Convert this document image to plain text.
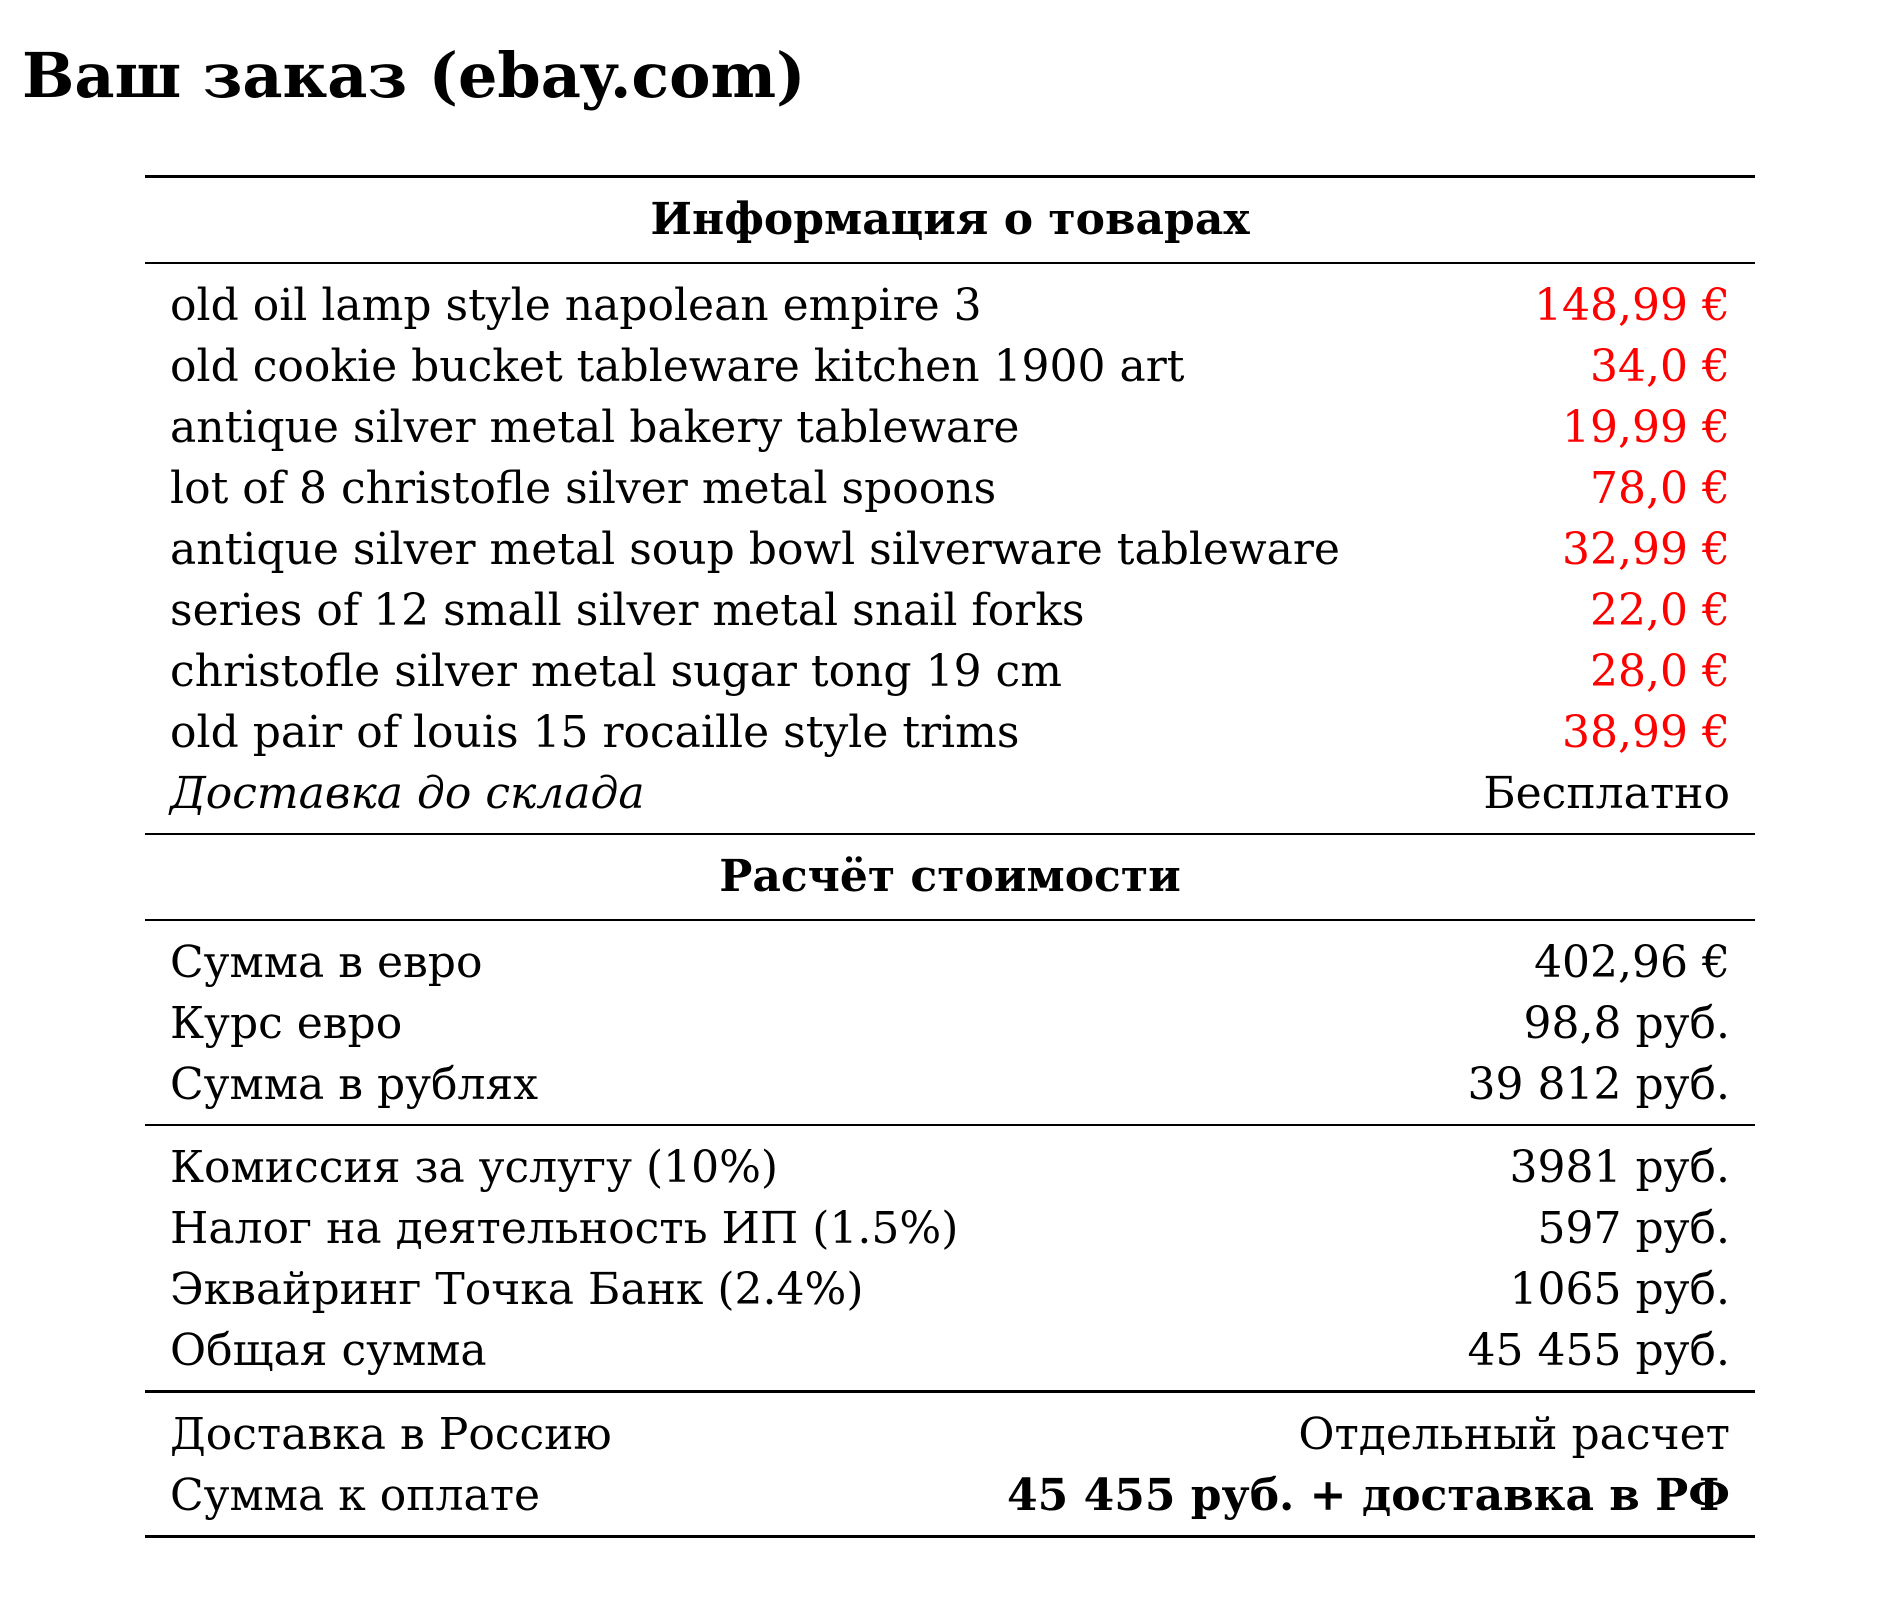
Ваш заказ (ebay.com)
Информация о товарах
old oil lamp style napolean empire 3	148,99 €
old cookie bucket tableware kitchen 1900 art	34,0 €
antique silver metal bakery tableware	19,99 €
lot of 8 christofle silver metal spoons	78,0 €
antique silver metal soup bowl silverware tableware	32,99 €
series of 12 small silver metal snail forks	22,0 €
christofle silver metal sugar tong 19 cm	28,0 €
old pair of louis 15 rocaille style trims	38,99 €
Доставка до склада	Бесплатно
Расчёт стоимости
Сумма в евро	402,96 €
Курс евро	98,8 руб.
Сумма в рублях	39 812 руб.
Комиссия за услугу (10%)	3981 руб.
Налог на деятельность ИП (1.5%)	597 руб.
Эквайринг Точка Банк (2.4%)	1065 руб.
Общая сумма	45 455 руб.
Доставка в Россию	Отдельный расчет
Сумма к оплате	45 455 руб. + доставка в РФ
